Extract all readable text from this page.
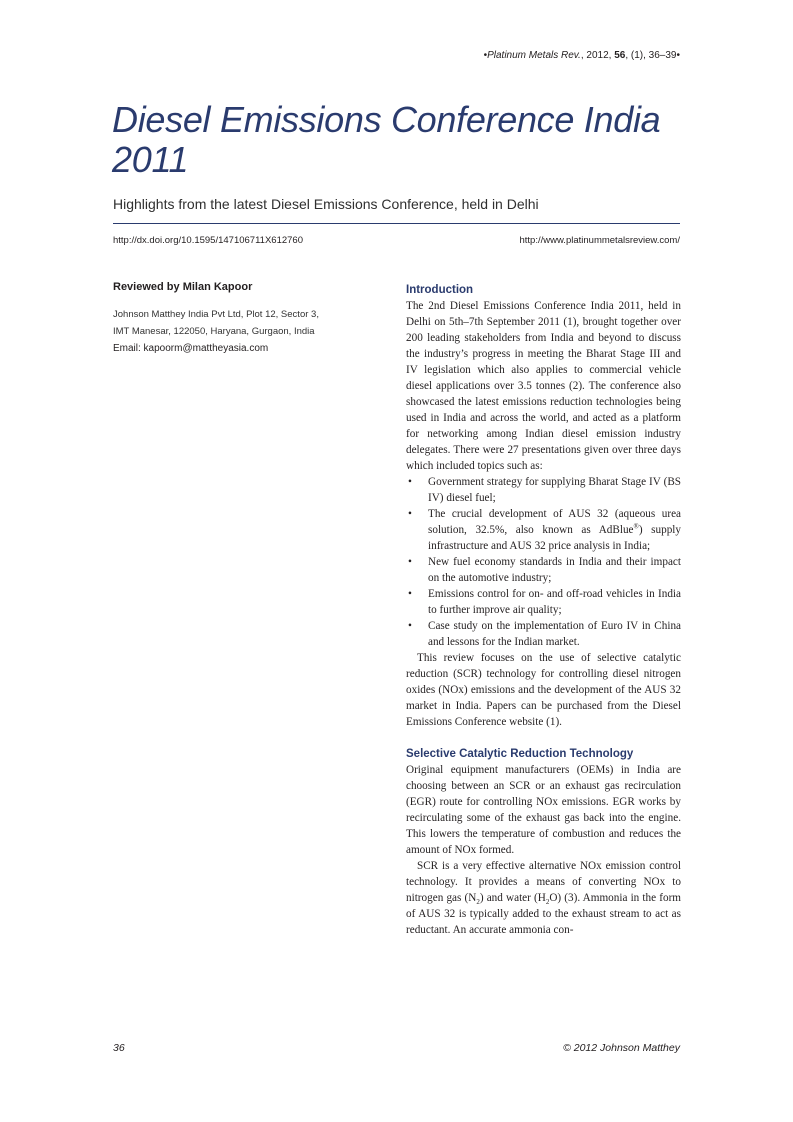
•Platinum Metals Rev., 2012, 56, (1), 36–39•
Diesel Emissions Conference India 2011
Highlights from the latest Diesel Emissions Conference, held in Delhi
http://dx.doi.org/10.1595/147106711X612760	http://www.platinummetalsreview.com/

Reviewed by Milan Kapoor

Johnson Matthey India Pvt Ltd, Plot 12, Sector 3,

IMT Manesar, 122050, Haryana, Gurgaon, India

Email: kapoorm@mattheyasia.com

Introduction

The 2nd Diesel Emissions Conference India 2011, held in Delhi on 5th–7th September 2011 (1), brought together over 200 leading stakeholders from India and beyond to discuss the industry’s progress in meeting the Bharat Stage III and IV legislation which also applies to commercial vehicle diesel applications over 3.5 tonnes (2). The conference also showcased the latest emissions reduction technologies being used in India and across the world, and acted as a platform for networking among Indian diesel emission industry delegates. There were 27 presentations given over three days which included topics such as:

• Government strategy for supplying Bharat Stage IV (BS IV) diesel fuel;
• The crucial development of AUS 32 (aqueous urea solution, 32.5%, also known as AdBlue®) supply infrastructure and AUS 32 price analysis in India;
• New fuel economy standards in India and their impact on the automotive industry;
• Emissions control for on- and off-road vehicles in India to further improve air quality;
• Case study on the implementation of Euro IV in China and lessons for the Indian market.

This review focuses on the use of selective catalytic reduction (SCR) technology for controlling diesel nitrogen oxides (NOx) emissions and the development of the AUS 32 market in India. Papers can be purchased from the Diesel Emissions Conference website (1).

Selective Catalytic Reduction Technology

Original equipment manufacturers (OEMs) in India are choosing between an SCR or an exhaust gas recirculation (EGR) route for controlling NOx emissions. EGR works by recirculating some of the exhaust gas back into the engine. This lowers the temperature of combustion and reduces the amount of NOx formed.

SCR is a very effective alternative NOx emission control technology. It provides a means of converting NOx to nitrogen gas $(N_2)$ and water $(H_2O)$ (3). Ammonia in the form of AUS 32 is typically added to the exhaust stream to act as reductant. An accurate ammonia con-

36	© 2012 Johnson Matthey
